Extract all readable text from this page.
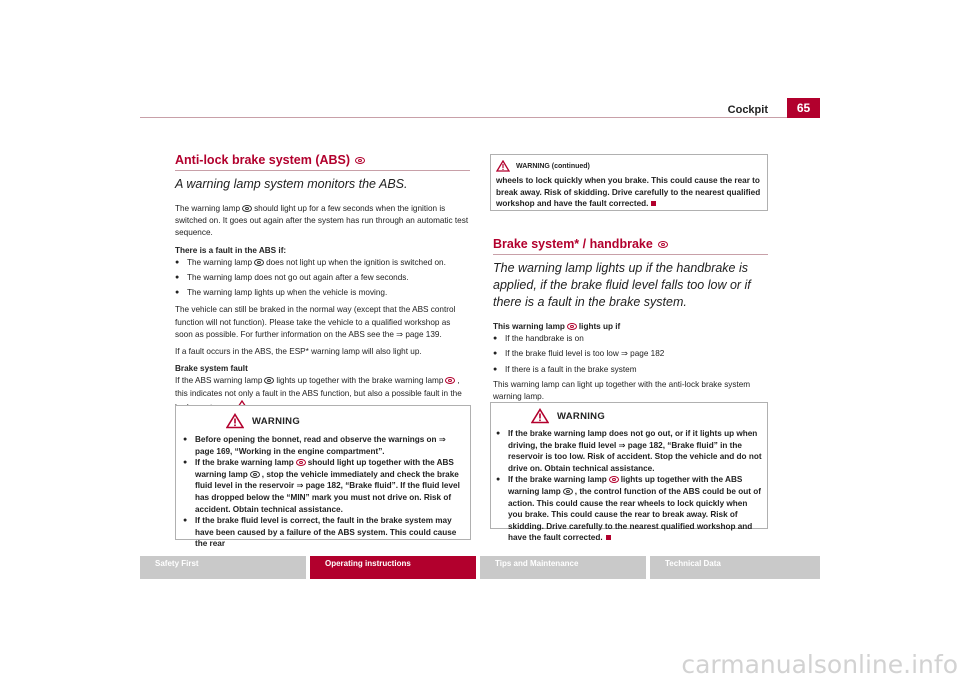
Cockpit	65
Anti-lock brake system (ABS)
A warning lamp system monitors the ABS.
The warning lamp should light up for a few seconds when the ignition is switched on. It goes out again after the system has run through an automatic test sequence.
There is a fault in the ABS if:
● The warning lamp does not light up when the ignition is switched on.
● The warning lamp does not go out again after a few seconds.
● The warning lamp lights up when the vehicle is moving.
The vehicle can still be braked in the normal way (except that the ABS control function will not function). Please take the vehicle to a qualified workshop as soon as possible. For further information on the ABS see the ⇒ page 139.
If a fault occurs in the ABS, the ESP* warning lamp will also light up.
Brake system fault
If the ABS warning lamp lights up together with the brake warning lamp , this indicates not only a fault in the ABS function, but also a possible fault in the
WARNING
● Before opening the bonnet, read and observe the warnings on ⇒ page 169, “Working in the engine compartment”.
● If the brake warning lamp should light up together with the ABS warning lamp , stop the vehicle immediately and check the brake fluid level in the reservoir ⇒ page 182, “Brake fluid”. If the fluid level has dropped below the “MIN” mark you must not drive on. Risk of accident. Obtain technical assistance.
● If the brake fluid level is correct, the fault in the brake system may have been caused by a failure of the ABS system. This could cause the rear
WARNING (continued)
wheels to lock quickly when you brake. This could cause the rear to break away. Risk of skidding. Drive carefully to the nearest qualified workshop and have the fault corrected.
Brake system* / handbrake
The warning lamp lights up if the handbrake is applied, if the brake fluid level falls too low or if there is a fault in the brake system.
This warning lamp lights up if
● If the handbrake is on
● If the brake fluid level is too low ⇒ page 182
● If there is a fault in the brake system
This warning lamp can light up together with the anti-lock brake system warning lamp.
WARNING
● If the brake warning lamp does not go out, or if it lights up when driving, the brake fluid level ⇒ page 182, “Brake fluid” in the reservoir is too low. Risk of accident. Stop the vehicle and do not drive on. Obtain technical assistance.
● If the brake warning lamp lights up together with the ABS warning lamp , the control function of the ABS could be out of action. This could cause the rear wheels to lock quickly when you brake. This could cause the rear to break away. Risk of skidding. Drive carefully to the nearest qualified workshop and have the fault corrected.
Safety First	Operating instructions	Tips and Maintenance	Technical Data
carmanualsonline.info
